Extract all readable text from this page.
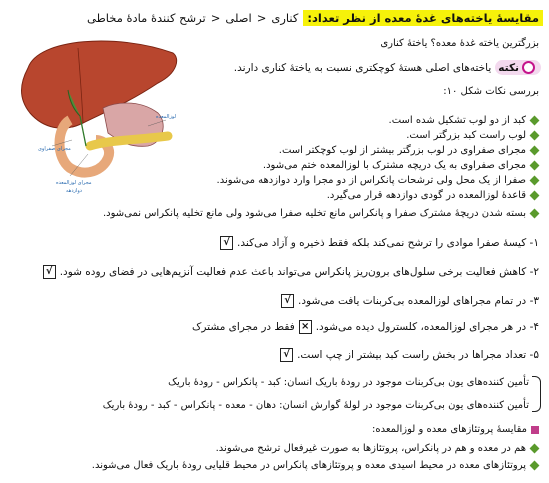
مقایسهٔ یاخته‌های غدهٔ معده از نظر تعداد:
کناری
<
اصلی
<
ترشح کنندهٔ مادهٔ مخاطی
بزرگترین یاخته غدهٔ معده؟ یاختهٔ کناری
نکته
یاخته‌های اصلی هستهٔ کوچکتری نسبت به یاختهٔ کناری دارند.
بررسی نکات شکل ۱۰:
لوزالمعده
مجرای صفراوی
مجرای لوزالمعده
دوازدهه
کبد از دو لوب تشکیل شده است.
لوب راست کبد بزرگتر است.
مجرای صفراوی در لوب بزرگتر بیشتر از لوب کوچکتر است.
مجرای صفراوی به یک دریچه مشترک با لوزالمعده ختم می‌شود.
صفرا از یک محل ولی ترشحات پانکراس از دو مجرا وارد دوازدهه می‌شوند.
قاعدهٔ لوزالمعده در گودی دوازدهه قرار می‌گیرد.
بسته شدن دریچهٔ مشترک صفرا و پانکراس مانع تخلیه صفرا می‌شود ولی مانع تخلیه پانکراس نمی‌شود.
۱- کیسهٔ صفرا موادی را ترشح نمی‌کند بلکه فقط ذخیره و آزاد می‌کند.
√
۲- کاهش فعالیت برخی سلول‌های برون‌ریز پانکراس می‌تواند باعث عدم فعالیت آنزیم‌هایی در فضای روده شود.
√
۳- در تمام مجراهای لوزالمعده بی‌کربنات یافت می‌شود.
√
۴- در هر مجرای لوزالمعده، کلسترول دیده می‌شود.
×
فقط در مجرای مشترک
۵- تعداد مجراها در بخش راست کبد بیشتر از چپ است.
√
تأمین کننده‌های یون بی‌کربنات موجود در رودهٔ باریک انسان: کبد - پانکراس - رودهٔ باریک
تأمین کننده‌های یون بی‌کربنات موجود در لولهٔ گوارش انسان: دهان - معده - پانکراس - کبد - رودهٔ باریک
مقایسهٔ پروتئازهای معده و لوزالمعده:
هم در معده و هم در پانکراس، پروتئازها به صورت غیرفعال ترشح می‌شوند.
پروتئازهای معده در محیط اسیدی معده و پروتئازهای پانکراس در محیط قلیایی رودهٔ باریک فعال می‌شوند.
